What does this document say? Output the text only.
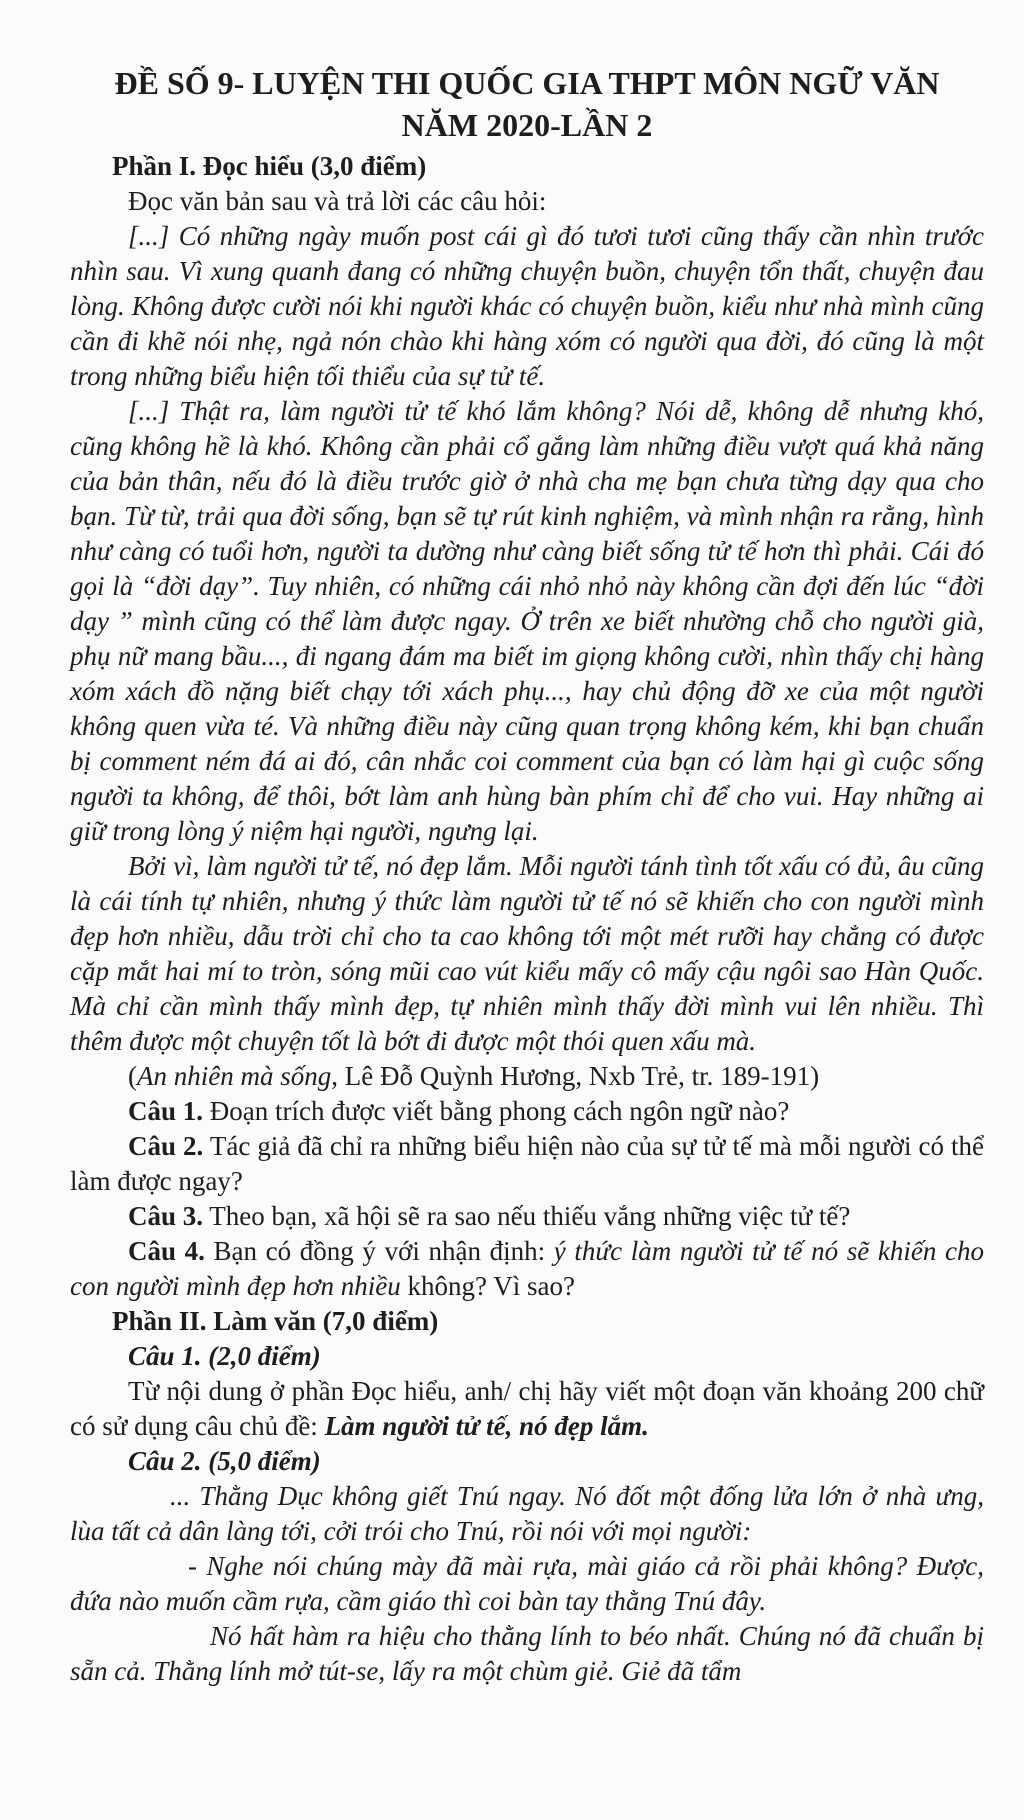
ĐỀ SỐ 9- LUYỆN THI QUỐC GIA THPT MÔN NGỮ VĂN
NĂM 2020-LẦN 2

Phần I. Đọc hiểu (3,0 điểm)

Đọc văn bản sau và trả lời các câu hỏi:

[...] Có những ngày muốn post cái gì đó tươi tươi cũng thấy cần nhìn trước nhìn sau. Vì xung quanh đang có những chuyện buồn, chuyện tổn thất, chuyện đau lòng. Không được cười nói khi người khác có chuyện buồn, kiểu như nhà mình cũng cần đi khẽ nói nhẹ, ngả nón chào khi hàng xóm có người qua đời, đó cũng là một trong những biểu hiện tối thiểu của sự tử tế.

[...] Thật ra, làm người tử tế khó lắm không? Nói dễ, không dễ nhưng khó, cũng không hề là khó. Không cần phải cổ gắng làm những điều vượt quá khả năng của bản thân, nếu đó là điều trước giờ ở nhà cha mẹ bạn chưa từng dạy qua cho bạn. Từ từ, trải qua đời sống, bạn sẽ tự rút kinh nghiệm, và mình nhận ra rằng, hình như càng có tuổi hơn, người ta dường như càng biết sống tử tế hơn thì phải. Cái đó gọi là “đời dạy”. Tuy nhiên, có những cái nhỏ nhỏ này không cần đợi đến lúc “đời dạy ” mình cũng có thể làm được ngay. Ở trên xe biết nhường chỗ cho người già, phụ nữ mang bầu..., đi ngang đám ma biết im giọng không cười, nhìn thấy chị hàng xóm xách đồ nặng biết chạy tới xách phụ..., hay chủ động đỡ xe của một người không quen vừa té. Và những điều này cũng quan trọng không kém, khi bạn chuẩn bị comment ném đá ai đó, cân nhắc coi comment của bạn có làm hại gì cuộc sống người ta không, để thôi, bớt làm anh hùng bàn phím chỉ để cho vui. Hay những ai giữ trong lòng ý niệm hại người, ngưng lại.

Bởi vì, làm người tử tế, nó đẹp lắm. Mỗi người tánh tình tốt xấu có đủ, âu cũng là cái tính tự nhiên, nhưng ý thức làm người tử tế nó sẽ khiến cho con người mình đẹp hơn nhiều, dẫu trời chỉ cho ta cao không tới một mét rưỡi hay chẳng có được cặp mắt hai mí to tròn, sóng mũi cao vút kiểu mấy cô mấy cậu ngôi sao Hàn Quốc. Mà chỉ cần mình thấy mình đẹp, tự nhiên mình thấy đời mình vui lên nhiều. Thì thêm được một chuyện tốt là bớt đi được một thói quen xấu mà.

(An nhiên mà sống, Lê Đỗ Quỳnh Hương, Nxb Trẻ, tr. 189-191)

Câu 1. Đoạn trích được viết bằng phong cách ngôn ngữ nào?

Câu 2. Tác giả đã chỉ ra những biểu hiện nào của sự tử tế mà mỗi người có thể làm được ngay?

Câu 3. Theo bạn, xã hội sẽ ra sao nếu thiếu vắng những việc tử tế?

Câu 4. Bạn có đồng ý với nhận định: ý thức làm người tử tế nó sẽ khiến cho con người mình đẹp hơn nhiều không? Vì sao?

Phần II. Làm văn (7,0 điểm)

Câu 1. (2,0 điểm)

Từ nội dung ở phần Đọc hiểu, anh/ chị hãy viết một đoạn văn khoảng 200 chữ có sử dụng câu chủ đề: Làm người tử tế, nó đẹp lắm.

Câu 2. (5,0 điểm)

... Thằng Dục không giết Tnú ngay. Nó đốt một đống lửa lớn ở nhà ưng, lùa tất cả dân làng tới, cởi trói cho Tnú, rồi nói với mọi người:

- Nghe nói chúng mày đã mài rựa, mài giáo cả rồi phải không? Được, đứa nào muốn cầm rựa, cầm giáo thì coi bàn tay thằng Tnú đây.

Nó hất hàm ra hiệu cho thằng lính to béo nhất. Chúng nó đã chuẩn bị sẵn cả. Thằng lính mở tút-se, lấy ra một chùm giẻ. Giẻ đã tẩm
